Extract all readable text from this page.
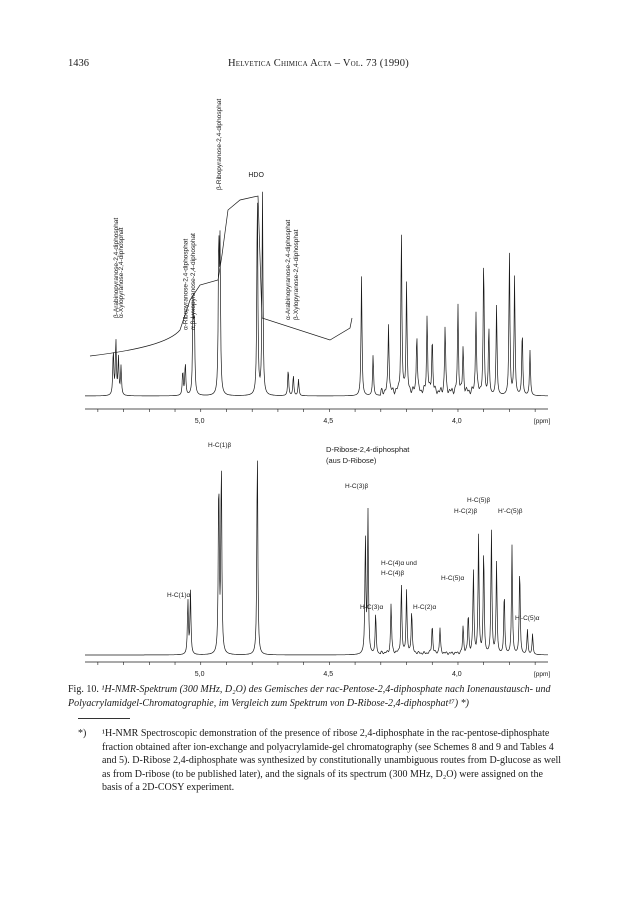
1436	Helvetica Chimica Acta – Vol. 73 (1990)
5,0	4,5	4,0	[ppm]
5,0	4,5	4,0	[ppm]
β-Arabinopyranose-2,4-diphosphat
α-Xylopyranose-2,4-diphosphat	α-Ribopyranose-2,4-diphosphat α,β-Lyxopyranose-2,4-diphosphat
β-Ribopyranose-2,4-diphosphat
α-Arabinopyranose-2,4-diphosphat β-Xylopyranose-2,4-diphosphat
HDO
D-Ribose-2,4-diphosphat
(aus D-Ribose)
H-C(1)β
H-C(1)α
H-C(3)β
H-C(4)α und
H-C(4)β
H-C(3)α	H-C(2)α
H-C(5)α
H-C(5)β
H-C(2)β	H'-C(5)β
H'-C(5)α
Fig. 10. ¹H-NMR-Spektrum (300 MHz, D₂O) des Gemisches der rac-Pentose-2,4-diphosphate nach Ionenaustausch- und Polyacrylamidgel-Chromatographie, im Vergleich zum Spektrum von D-Ribose-2,4-diphosphat¹⁷) *)
*) ¹H-NMR Spectroscopic demonstration of the presence of ribose 2,4-diphosphate in the rac-pentose-diphosphate fraction obtained after ion-exchange and polyacrylamide-gel chromatography (see Schemes 8 and 9 and Tables 4 and 5). D-Ribose 2,4-diphosphate was synthesized by constitutionally unambiguous routes from D-glucose as well as from D-ribose (to be published later), and the signals of its spectrum (300 MHz, D₂O) were assigned on the basis of a 2D-COSY experiment.
